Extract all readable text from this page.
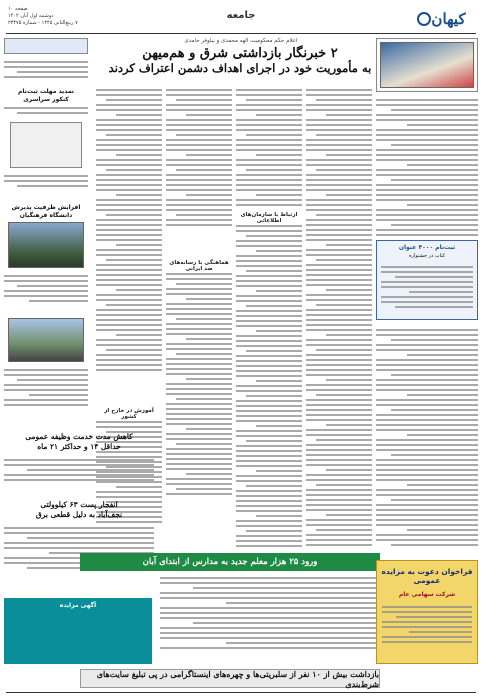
کیهان
جامعه
صفحه ۱۰
دوشنبه اول آبان ۱۴۰۲
۷ ربیع‌الثانی ۱۴۴۵ - شماره ۲۳۴۷۵
اعلام حکم محکومیت الهه محمدی و نیلوفر حامدی
۲ خبرنگار بازداشتی شرق و هم‌میهن
به مأموریت خود در اجرای اهداف دشمن اعتراف کردند
ثبت‌نام ۴۰۰۰ عنوان
کتاب در جشنواره
ارتباط با سازمان‌های اطلاعاتی
هماهنگی با رسانه‌های ضد ایرانی
آموزش در خارج از کشور
تمدید مهلت ثبت‌نام
کنکور سراسری
افزایش ظرفیت پذیرش
دانشگاه فرهنگیان
کاهش مدت خدمت وظیفه عمومی
حداقل ۱۴ و حداکثر ۲۱ ماه
انفجار پست ۶۳ کیلوولتی
نجف‌آباد به دلیل قطعی برق
آگهی مزایده
ورود ۲۵ هزار معلم جدید به مدارس از ابتدای آبان
بازداشت بیش از ۱۰ نفر از سلبریتی‌ها و چهره‌های اینستاگرامی در پی تبلیغ سایت‌های شرط‌بندی
فراخوان دعوت به مزایده عمومی
شرکت سهامی عام
